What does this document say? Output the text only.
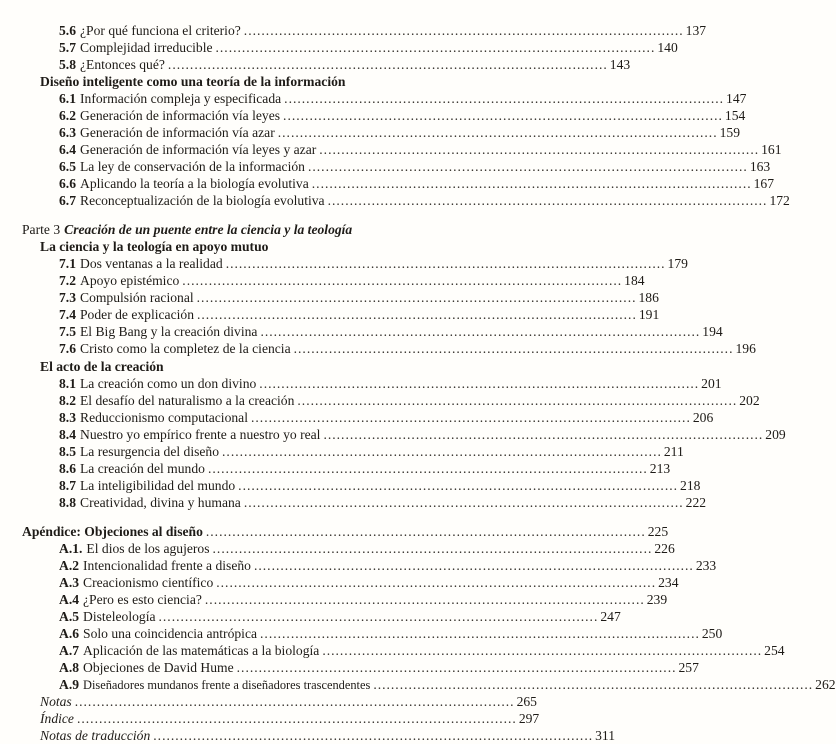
5.6 ¿Por qué funciona el criterio? .................................................................................................... 137
5.7 Complejidad irreducible .................................................................................................... 140
5.8 ¿Entonces qué? .................................................................................................... 143
Diseño inteligente como una teoría de la información
6.1 Información compleja y especificada .................................................................................................... 147
6.2 Generación de información vía leyes .................................................................................................... 154
6.3 Generación de información vía azar .................................................................................................... 159
6.4 Generación de información vía leyes y azar .................................................................................................... 161
6.5 La ley de conservación de la información .................................................................................................... 163
6.6 Aplicando la teoría a la biología evolutiva .................................................................................................... 167
6.7 Reconceptualización de la biología evolutiva .................................................................................................... 172
Parte 3 Creación de un puente entre la ciencia y la teología
La ciencia y la teología en apoyo mutuo
7.1 Dos ventanas a la realidad .................................................................................................... 179
7.2 Apoyo epistémico .................................................................................................... 184
7.3 Compulsión racional .................................................................................................... 186
7.4 Poder de explicación .................................................................................................... 191
7.5 El Big Bang y la creación divina .................................................................................................... 194
7.6 Cristo como la completez de la ciencia .................................................................................................... 196
El acto de la creación
8.1 La creación como un don divino .................................................................................................... 201
8.2 El desafío del naturalismo a la creación .................................................................................................... 202
8.3 Reduccionismo computacional .................................................................................................... 206
8.4 Nuestro yo empírico frente a nuestro yo real .................................................................................................... 209
8.5 La resurgencia del diseño .................................................................................................... 211
8.6 La creación del mundo .................................................................................................... 213
8.7 La inteligibilidad del mundo .................................................................................................... 218
8.8 Creatividad, divina y humana .................................................................................................... 222
Apéndice: Objeciones al diseño .................................................................................................... 225
A.1. El dios de los agujeros .................................................................................................... 226
A.2 Intencionalidad frente a diseño .................................................................................................... 233
A.3 Creacionismo científico .................................................................................................... 234
A.4 ¿Pero es esto ciencia? .................................................................................................... 239
A.5 Disteleología .................................................................................................... 247
A.6 Solo una coincidencia antrópica .................................................................................................... 250
A.7 Aplicación de las matemáticas a la biología .................................................................................................... 254
A.8 Objeciones de David Hume .................................................................................................... 257
A.9 Diseñadores mundanos frente a diseñadores trascendentes .................................................................................................... 262
Notas .................................................................................................... 265
Índice .................................................................................................... 297
Notas de traducción .................................................................................................... 311
